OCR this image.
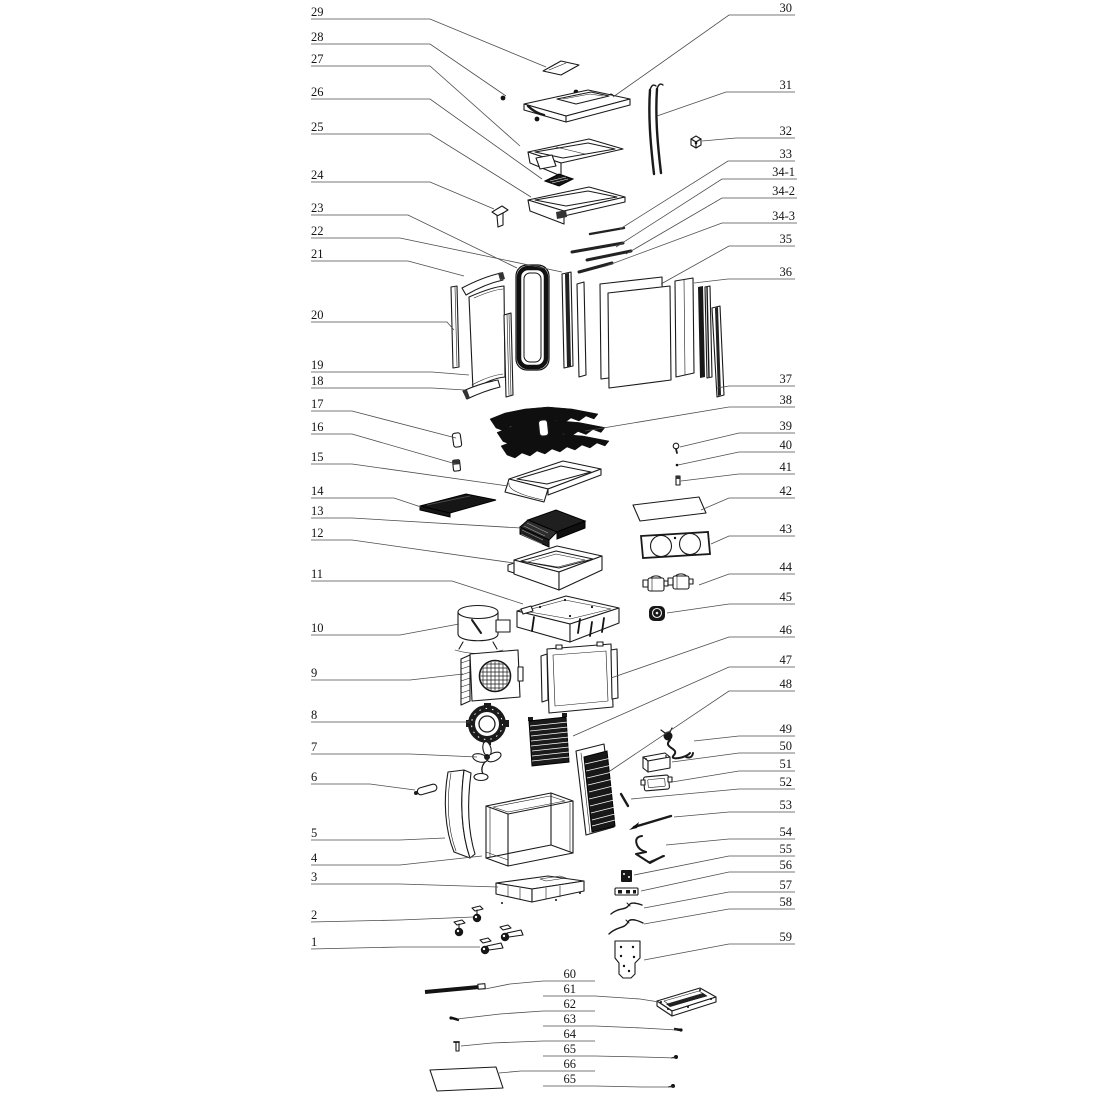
29
28
27
26
25
24
23
22
21
20
19
18
17
16
15
14
13
12
11
10
9
8
7
6
5
4
3
2
1
30
31
32
33
34-1
34-2
34-3
35
36
37
38
39
40
41
42
43
44
45
46
47
48
49
50
51
52
53
54
55
56
57
58
59
60
61
62
63
64
65
66
65
